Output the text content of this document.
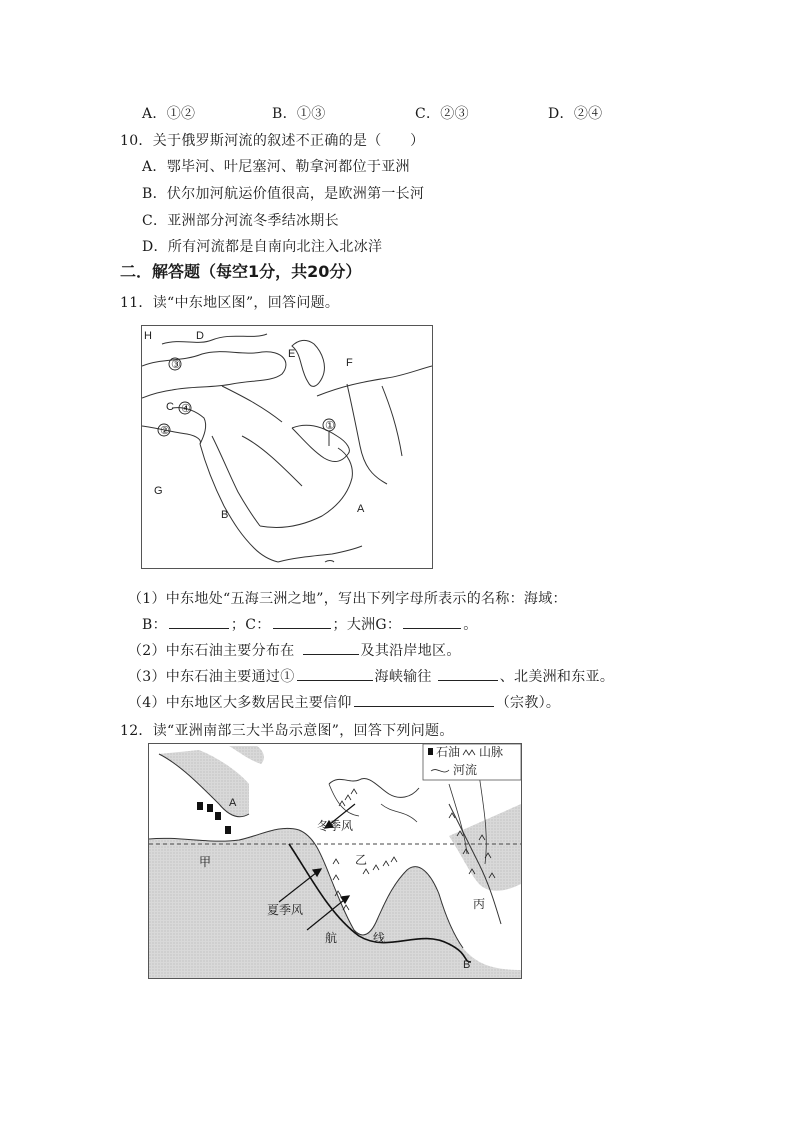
A．①②	B．①③	C．②③	D．②④
10．关于俄罗斯河流的叙述不正确的是（　　）
A．鄂毕河、叶尼塞河、勒拿河都位于亚洲
B．伏尔加河航运价值很高，是欧洲第一长河
C．亚洲部分河流冬季结冰期长
D．所有河流都是自南向北注入北冰洋
二．解答题（每空1分，共20分）
11．读“中东地区图”，回答问题。
H	D
E
F
C
G
B	A
③
④
②	①
（1）中东地处“五海三洲之地”，写出下列字母所表示的名称：海域：
B：	；C：	；大洲G：	。
（2）中东石油主要分布在	及其沿岸地区。
（3）中东石油主要通过①	海峡输往	、北美洲和东亚。
（4）中东地区大多数居民主要信仰	（宗教）。
12．读“亚洲南部三大半岛示意图”，回答下列问题。
石油 山脉
河流
A
B
甲	乙
丙
冬季风
夏季风
航线
